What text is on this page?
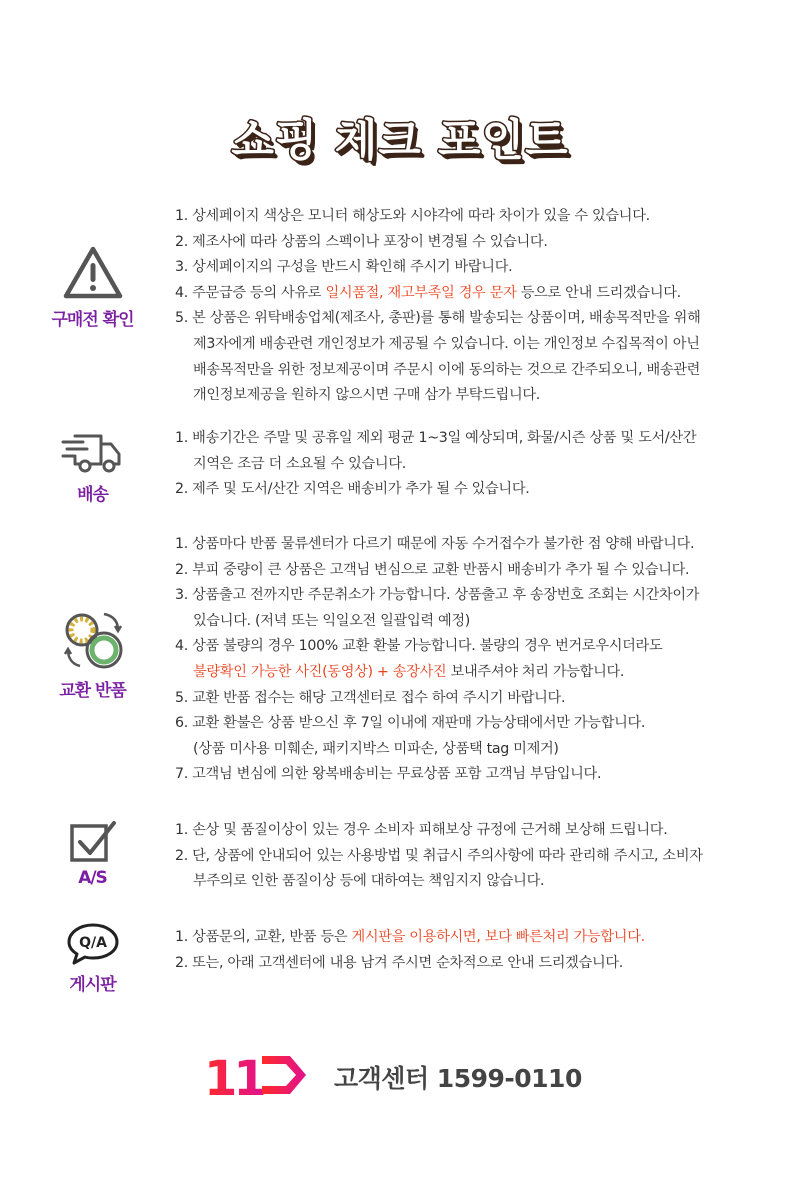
쇼핑 체크 포인트
구매전 확인
1. 상세페이지 색상은 모니터 해상도와 시야각에 따라 차이가 있을 수 있습니다.
2. 제조사에 따라 상품의 스펙이나 포장이 변경될 수 있습니다.
3. 상세페이지의 구성을 반드시 확인해 주시기 바랍니다.
4. 주문급증 등의 사유로 일시품절, 재고부족일 경우 문자 등으로 안내 드리겠습니다.
5. 본 상품은 위탁배송업체(제조사, 총판)를 통해 발송되는 상품이며, 배송목적만을 위해
제3자에게 배송관련 개인정보가 제공될 수 있습니다. 이는 개인정보 수집목적이 아닌
배송목적만을 위한 정보제공이며 주문시 이에 동의하는 것으로 간주되오니, 배송관련
개인정보제공을 원하지 않으시면 구매 삼가 부탁드립니다.
배송
1. 배송기간은 주말 및 공휴일 제외 평균 1~3일 예상되며, 화물/시즌 상품 및 도서/산간
지역은 조금 더 소요될 수 있습니다.
2. 제주 및 도서/산간 지역은 배송비가 추가 될 수 있습니다.
교환 반품
1. 상품마다 반품 물류센터가 다르기 때문에 자동 수거접수가 불가한 점 양해 바랍니다.
2. 부피 중량이 큰 상품은 고객님 변심으로 교환 반품시 배송비가 추가 될 수 있습니다.
3. 상품출고 전까지만 주문취소가 가능합니다. 상품출고 후 송장번호 조회는 시간차이가
있습니다. (저녁 또는 익일오전 일괄입력 예정)
4. 상품 불량의 경우 100% 교환 환불 가능합니다. 불량의 경우 번거로우시더라도
불량확인 가능한 사진(동영상) + 송장사진 보내주셔야 처리 가능합니다.
5. 교환 반품 접수는 해당 고객센터로 접수 하여 주시기 바랍니다.
6. 교환 환불은 상품 받으신 후 7일 이내에 재판매 가능상태에서만 가능합니다.
(상품 미사용 미훼손, 패키지박스 미파손, 상품택 tag 미제거)
7. 고객님 변심에 의한 왕복배송비는 무료상품 포함 고객님 부담입니다.
A/S
1. 손상 및 품질이상이 있는 경우 소비자 피해보상 규정에 근거해 보상해 드립니다.
2. 단, 상품에 안내되어 있는 사용방법 및 취급시 주의사항에 따라 관리해 주시고, 소비자
부주의로 인한 품질이상 등에 대하여는 책임지지 않습니다.
Q/A
게시판
1. 상품문의, 교환, 반품 등은 게시판을 이용하시면, 보다 빠른처리 가능합니다.
2. 또는, 아래 고객센터에 내용 남겨 주시면 순차적으로 안내 드리겠습니다.
11	고객센터 1599-0110
